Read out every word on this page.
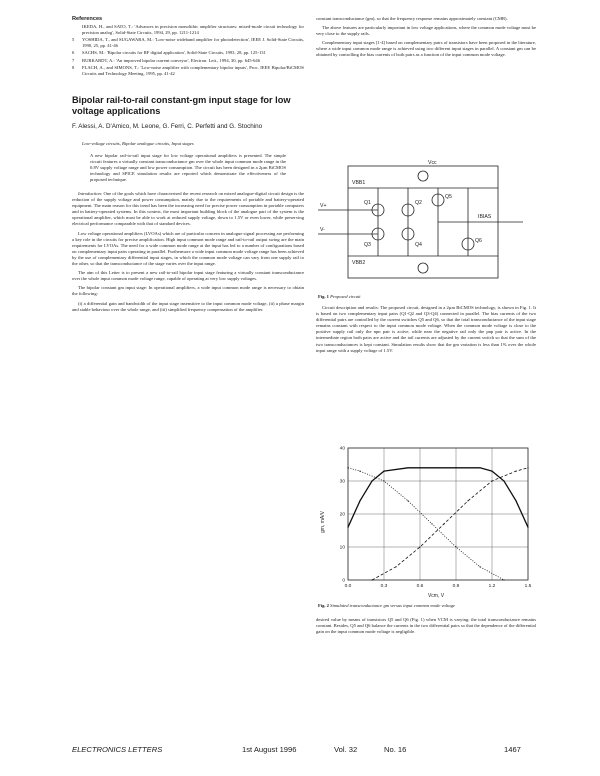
References
IKEDA, H., and SATO, T.: 'Advances in precision monolithic amplifier structures: mixed-mode circuit technology for precision analog', Solid-State Circuits, 1994, 29, pp. 1211-1214
5 YOSHIDA, T., and SUGAWARA, M.: 'Low-noise wideband amplifier for photodetection', IEEE J. Solid-State Circuits, 1990, 25, pp. 41-46
6 SACHS, M.: 'Bipolar circuits for RF digital application', Solid-State Circuits, 1993, 28, pp. 125-131
7 BURKARDT, A.: 'An improved bipolar current conveyor', Electron. Lett., 1994, 30, pp. 645-646
8 FLACH, A., and SIMONS, T.: 'Low-noise amplifier with complementary bipolar inputs', Proc. IEEE Bipolar/BiCMOS Circuits and Technology Meeting, 1995, pp. 41-42
Bipolar rail-to-rail constant-gm input stage for low voltage applications
F. Alessi, A. D'Amico, M. Leone, G. Ferri, C. Perfetti and G. Stochino
Low-voltage circuits, Bipolar analogue circuits, Input stages
A new bipolar rail-to-rail input stage for low voltage operational amplifiers is presented. The simple circuit features a virtually constant transconductance gm over the whole input common mode range in the 0.8V supply voltage range and low power consumption. The circuit has been designed in a 2µm BiCMOS technology and SPICE simulation results are reported which demonstrate the effectiveness of the proposed technique.

Introduction: One of the goals which have characterised the recent research on mixed analogue-digital circuit design is the reduction of the supply voltage and power consumption, mainly due to the requirements of portable and battery-operated equipment. The main reason for this trend has been the increasing need for precise power consumption in portable computers and in battery-operated systems. In this context, the most important building block of the analogue part of the system is the operational amplifier, which must be able to work at reduced supply voltage, down to 1.5V or even lower, while preserving electrical performance comparable with that of standard devices.

Low voltage operational amplifiers (LVOAs) which are of particular concern in analogue signal processing are performing a key role in the circuits for precise amplification. High input common mode range and rail-to-rail output swing are the main requirements for LVOAs. The need for a wide common mode range at the input has led to a number of configurations based on complementary input pairs operating in parallel. Furthermore a wide input common mode voltage range has been achieved by the use of complementary differential input stages, in which the common mode voltage can vary from one supply rail to the other, so that the transconductance of the stage varies over the input range.

The aim of this Letter is to present a new rail-to-rail bipolar input stage featuring a virtually constant transconductance over the whole input common mode voltage range, capable of operating at very low supply voltages.

The bipolar constant gm input stage: In operational amplifiers, a wide input common mode range is necessary to obtain the following:

(i) a differential gain and bandwidth of the input stage insensitive to the input common mode voltage, (ii) a phase margin and stable behaviour over the whole range, and (iii) simplified frequency compensation of the amplifier.

constant transconductance (gm), so that the frequency response remains approximately constant (CMR).

The above features are particularly important in low voltage applications, where the common mode voltage must be very close to the supply rails.

Complementary input stages [1-4] based on complementary pairs of transistors have been proposed in the literature, where a wide input common mode range is achieved using two different input stages in parallel. A constant gm can be obtained by controlling the bias currents of both pairs as a function of the input common mode voltage.

V+
V-
Vcc
Q1	Q2
Q3	Q4
Q5
Q6
VBB1
VBB2
IBIAS
Fig. 1 Proposed circuit

Circuit description and results: The proposed circuit, designed in a 2µm BiCMOS technology, is shown in Fig. 1. It is based on two complementary input pairs (Q1-Q2 and Q3-Q4) connected in parallel. The bias currents of the two differential pairs are controlled by the current switches Q5 and Q6, so that the total transconductance of the input stage remains constant with respect to the input common mode voltage. When the common mode voltage is close to the positive supply rail only the npn pair is active, while near the negative rail only the pnp pair is active. In the intermediate region both pairs are active and the tail currents are adjusted by the current switch so that the sum of the two transconductances is kept constant. Simulation results show that the gm variation is less than 1% over the whole input range with a supply voltage of 1.5V.

0.0	0.3	0.6	0.9	1.2	1.5
0
10
20
30
40
gm, mA/V
Vcm, V
Fig. 2 Simulated transconductance gm versus input common mode voltage

desired value by means of transistors Q5 and Q6 (Fig. 1) when VCM is varying; the total transconductance remains constant. Besides, Q5 and Q6 balance the currents in the two differential pairs so that the dependence of the differential gain on the input common mode voltage is negligible.

ELECTRONICS LETTERS	1st August 1996	Vol. 32	No. 16	1467
